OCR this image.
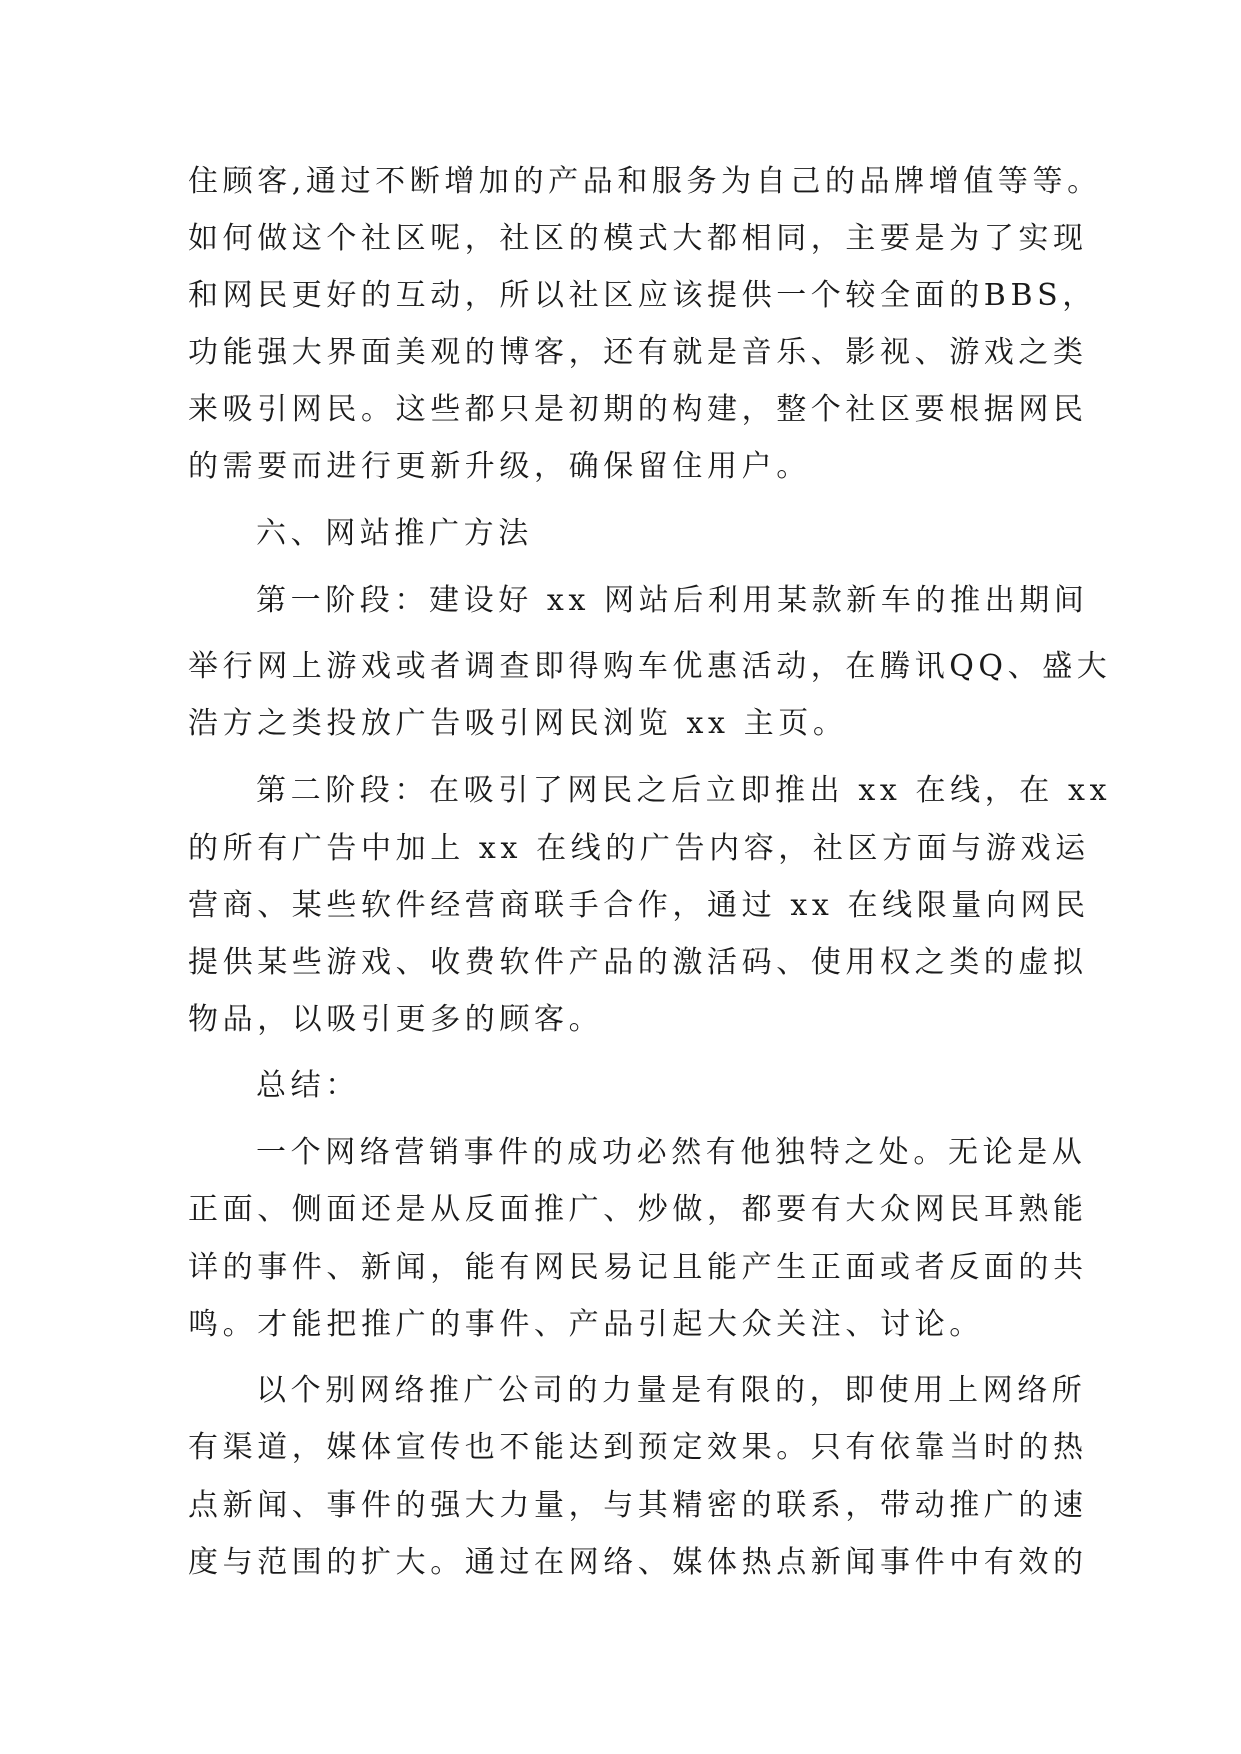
住顾客,通过不断增加的产品和服务为自己的品牌增值等等。
如何做这个社区呢，社区的模式大都相同，主要是为了实现
和网民更好的互动，所以社区应该提供一个较全面的BBS，
功能强大界面美观的博客，还有就是音乐、影视、游戏之类
来吸引网民。这些都只是初期的构建，整个社区要根据网民
的需要而进行更新升级，确保留住用户。
六、网站推广方法
第一阶段：建设好 xx 网站后利用某款新车的推出期间
举行网上游戏或者调查即得购车优惠活动，在腾讯QQ、盛大
浩方之类投放广告吸引网民浏览 xx 主页。
第二阶段：在吸引了网民之后立即推出 xx 在线，在 xx
的所有广告中加上 xx 在线的广告内容，社区方面与游戏运
营商、某些软件经营商联手合作，通过 xx 在线限量向网民
提供某些游戏、收费软件产品的激活码、使用权之类的虚拟
物品，以吸引更多的顾客。
总结：
一个网络营销事件的成功必然有他独特之处。无论是从
正面、侧面还是从反面推广、炒做，都要有大众网民耳熟能
详的事件、新闻，能有网民易记且能产生正面或者反面的共
鸣。才能把推广的事件、产品引起大众关注、讨论。
以个别网络推广公司的力量是有限的，即使用上网络所
有渠道，媒体宣传也不能达到预定效果。只有依靠当时的热
点新闻、事件的强大力量，与其精密的联系，带动推广的速
度与范围的扩大。通过在网络、媒体热点新闻事件中有效的
